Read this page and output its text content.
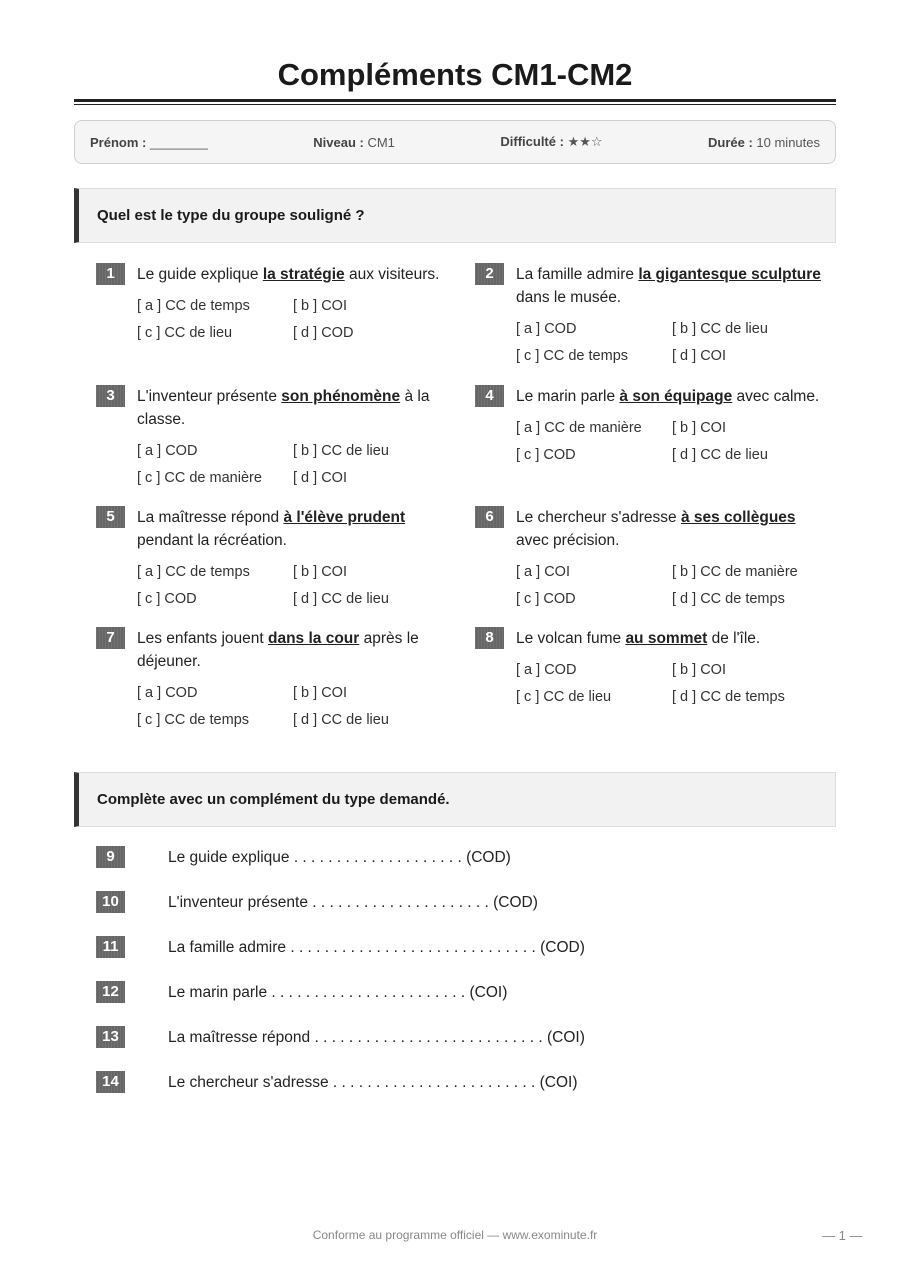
Compléments CM1-CM2
Prénom : ________	Niveau : CM1	Difficulté : ★★☆	Durée : 10 minutes
Quel est le type du groupe souligné ?
Complète avec un complément du type demandé.
1	Le guide explique la stratégie aux visiteurs.
[ a ] CC de temps	[ b ] COI
[ c ] CC de lieu	[ d ] COD
2	La famille admire la gigantesque sculpture dans le musée.
[ a ] COD	[ b ] CC de lieu
[ c ] CC de temps	[ d ] COI
3	L'inventeur présente son phénomène à la classe.
[ a ] COD	[ b ] CC de lieu
[ c ] CC de manière	[ d ] COI
4	Le marin parle à son équipage avec calme.
[ a ] CC de manière	[ b ] COI
[ c ] COD	[ d ] CC de lieu
5	La maîtresse répond à l'élève prudent pendant la récréation.
[ a ] CC de temps	[ b ] COI
[ c ] COD	[ d ] CC de lieu
6	Le chercheur s'adresse à ses collègues avec précision.
[ a ] COI	[ b ] CC de manière
[ c ] COD	[ d ] CC de temps
7	Les enfants jouent dans la cour après le déjeuner.
[ a ] COD	[ b ] COI
[ c ] CC de temps	[ d ] CC de lieu
8	Le volcan fume au sommet de l'île.
[ a ] COD	[ b ] COI
[ c ] CC de lieu	[ d ] CC de temps
9	Le guide explique . . . . . . . . . . . . . . . . . . . . (COD)
10	L'inventeur présente . . . . . . . . . . . . . . . . . . . . . (COD)
11	La famille admire . . . . . . . . . . . . . . . . . . . . . . . . . . . . . (COD)
12	Le marin parle . . . . . . . . . . . . . . . . . . . . . . . (COI)
13	La maîtresse répond . . . . . . . . . . . . . . . . . . . . . . . . . . . (COI)
14	Le chercheur s'adresse . . . . . . . . . . . . . . . . . . . . . . . . (COI)
Conforme au programme officiel — www.exominute.fr	— 1 —
